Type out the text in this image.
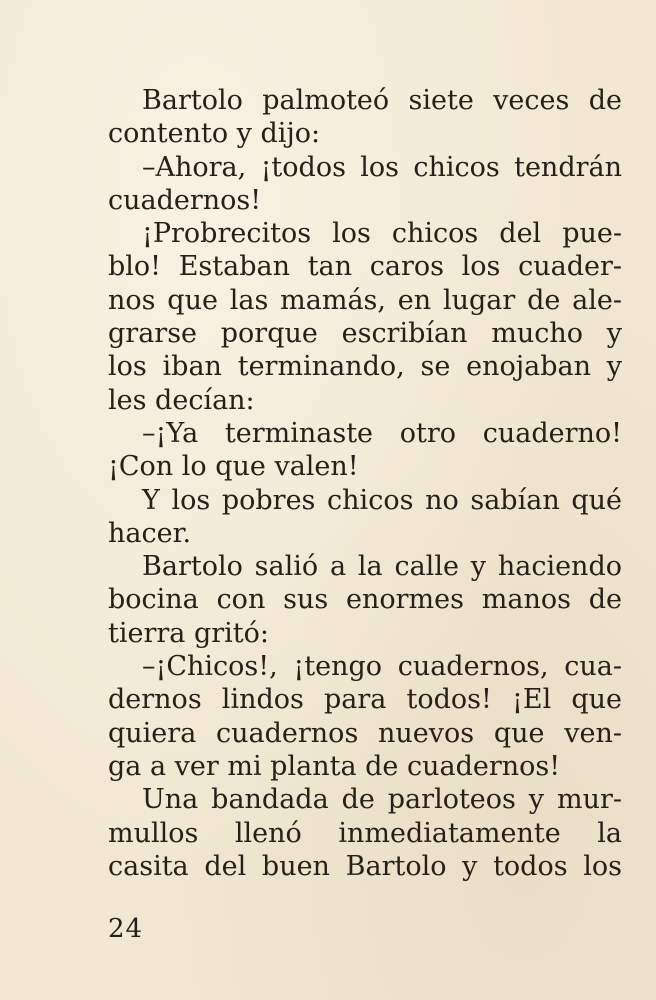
Bartolo palmoteó siete veces de
contento y dijo:
–Ahora, ¡todos los chicos tendrán
cuadernos!
¡Probrecitos los chicos del pue-
blo! Estaban tan caros los cuader-
nos que las mamás, en lugar de ale-
grarse porque escribían mucho y
los iban terminando, se enojaban y
les decían:
–¡Ya terminaste otro cuaderno!
¡Con lo que valen!
Y los pobres chicos no sabían qué
hacer.
Bartolo salió a la calle y haciendo
bocina con sus enormes manos de
tierra gritó:
–¡Chicos!, ¡tengo cuadernos, cua-
dernos lindos para todos! ¡El que
quiera cuadernos nuevos que ven-
ga a ver mi planta de cuadernos!
Una bandada de parloteos y mur-
mullos llenó inmediatamente la
casita del buen Bartolo y todos los
24
